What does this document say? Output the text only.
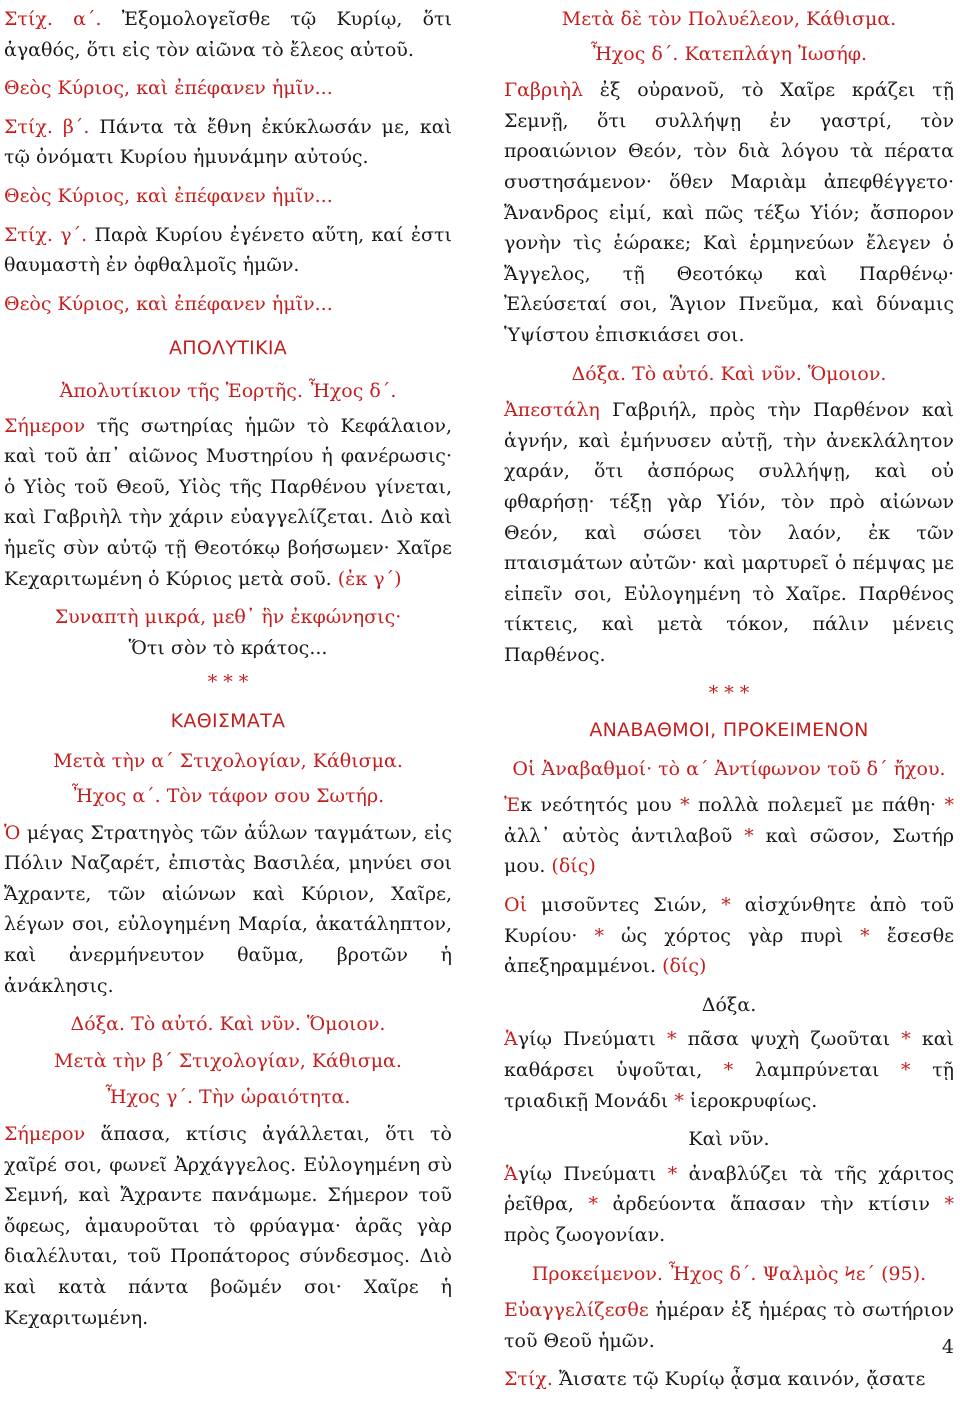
Στίχ. α΄. Ἐξομολογεῖσθε τῷ Κυρίῳ, ὅτι ἀγαθός, ὅτι εἰς τὸν αἰῶνα τὸ ἔλεος αὐτοῦ.

Θεὸς Κύριος, καὶ ἐπέφανεν ἡμῖν...

Στίχ. β΄. Πάντα τὰ ἔθνη ἐκύκλωσάν με, καὶ τῷ ὀνόματι Κυρίου ἠμυνάμην αὐτούς.

Θεὸς Κύριος, καὶ ἐπέφανεν ἡμῖν...

Στίχ. γ΄. Παρὰ Κυρίου ἐγένετο αὕτη, καί ἐστι θαυμαστὴ ἐν ὀφθαλμοῖς ἡμῶν.

Θεὸς Κύριος, καὶ ἐπέφανεν ἡμῖν...

ΑΠΟΛΥΤΙΚΙΑ

Ἀπολυτίκιον τῆς Ἑορτῆς. Ἦχος δ΄.

Σήμερον τῆς σωτηρίας ἡμῶν τὸ Κεφάλαιον, καὶ τοῦ ἀπ᾽ αἰῶνος Μυστηρίου ἡ φανέρωσις· ὁ Υἱὸς τοῦ Θεοῦ, Υἱὸς τῆς Παρθένου γίνεται, καὶ Γαβριὴλ τὴν χάριν εὐαγγελίζεται. Διὸ καὶ ἡμεῖς σὺν αὐτῷ τῇ Θεοτόκῳ βοήσωμεν· Χαῖρε Κεχαριτωμένη ὁ Κύριος μετὰ σοῦ. (ἐκ γ΄)

Συναπτὴ μικρά, μεθ᾽ ἣν ἐκφώνησις·

Ὅτι σὸν τὸ κράτος...

* * *

ΚΑΘΙΣΜΑΤΑ

Μετὰ τὴν α΄ Στιχολογίαν, Κάθισμα.

Ἦχος α΄. Τὸν τάφον σου Σωτήρ.

Ὁ μέγας Στρατηγὸς τῶν ἀΰλων ταγμάτων, εἰς Πόλιν Ναζαρέτ, ἐπιστὰς Βασιλέα, μηνύει σοι Ἄχραντε, τῶν αἰώνων καὶ Κύριον, Χαῖρε, λέγων σοι, εὐλογημένη Μαρία, ἀκατάληπτον, καὶ ἀνερμήνευτον θαῦμα, βροτῶν ἡ ἀνάκλησις.

Δόξα. Τὸ αὐτό. Καὶ νῦν. Ὅμοιον.

Μετὰ τὴν β΄ Στιχολογίαν, Κάθισμα.

Ἦχος γ΄. Τὴν ὡραιότητα.

Σήμερον ἅπασα, κτίσις ἀγάλλεται, ὅτι τὸ χαῖρέ σοι, φωνεῖ Ἀρχάγγελος. Εὐλογημένη σὺ Σεμνή, καὶ Ἄχραντε πανάμωμε. Σήμερον τοῦ ὄφεως, ἀμαυροῦται τὸ φρύαγμα· ἀρᾶς γὰρ διαλέλυται, τοῦ Προπάτορος σύνδεσμος. Διὸ καὶ κατὰ πάντα βοῶμέν σοι· Χαῖρε ἡ Κεχαριτωμένη.

Μετὰ δὲ τὸν Πολυέλεον, Κάθισμα.

Ἦχος δ΄. Κατεπλάγη Ἰωσήφ.

Γαβριὴλ ἐξ οὐρανοῦ, τὸ Χαῖρε κράζει τῇ Σεμνῇ, ὅτι συλλήψῃ ἐν γαστρί, τὸν προαιώνιον Θεόν, τὸν διὰ λόγου τὰ πέρατα συστησάμενον· ὅθεν Μαριὰμ ἀπεφθέγγετο· Ἄνανδρος εἰμί, καὶ πῶς τέξω Υἱόν; ἄσπορον γονὴν τὶς ἑώρακε; Καὶ ἑρμηνεύων ἔλεγεν ὁ Ἄγγελος, τῇ Θεοτόκῳ καὶ Παρθένῳ· Ἐλεύσεταί σοι, Ἅγιον Πνεῦμα, καὶ δύναμις Ὑψίστου ἐπισκιάσει σοι.

Δόξα. Τὸ αὐτό. Καὶ νῦν. Ὅμοιον.

Ἀπεστάλη Γαβριήλ, πρὸς τὴν Παρθένον καὶ ἁγνήν, καὶ ἐμήνυσεν αὐτῇ, τὴν ἀνεκλάλητον χαράν, ὅτι ἀσπόρως συλλήψῃ, καὶ οὐ φθαρήσῃ· τέξῃ γὰρ Υἱόν, τὸν πρὸ αἰώνων Θεόν, καὶ σώσει τὸν λαόν, ἐκ τῶν πταισμάτων αὐτῶν· καὶ μαρτυρεῖ ὁ πέμψας με εἰπεῖν σοι, Εὐλογημένη τὸ Χαῖρε. Παρθένος τίκτεις, καὶ μετὰ τόκον, πάλιν μένεις Παρθένος.

* * *

ΑΝΑΒΑΘΜΟΙ, ΠΡΟΚΕΙΜΕΝΟΝ

Οἱ Ἀναβαθμοί· τὸ α΄ Ἀντίφωνον τοῦ δ΄ ἤχου.

Ἐκ νεότητός μου * πολλὰ πολεμεῖ με πάθη· * ἀλλ᾽ αὐτὸς ἀντιλαβοῦ * καὶ σῶσον, Σωτήρ μου. (δίς)

Οἱ μισοῦντες Σιών, * αἰσχύνθητε ἀπὸ τοῦ Κυρίου· * ὡς χόρτος γὰρ πυρὶ * ἔσεσθε ἀπεξηραμμένοι. (δίς)

Δόξα.

Ἁγίῳ Πνεύματι * πᾶσα ψυχὴ ζωοῦται * καὶ καθάρσει ὑψοῦται, * λαμπρύνεται * τῇ τριαδικῇ Μονάδι * ἱεροκρυφίως.

Καὶ νῦν.

Ἁγίῳ Πνεύματι * ἀναβλύζει τὰ τῆς χάριτος ῥεῖθρα, * ἀρδεύοντα ἅπασαν τὴν κτίσιν * πρὸς ζωογονίαν.

Προκείμενον. Ἦχος δ΄. Ψαλμὸς Ϟε΄ (95).

Εὐαγγελίζεσθε ἡμέραν ἐξ ἡμέρας τὸ σωτήριον τοῦ Θεοῦ ἡμῶν.

Στίχ. Ἄισατε τῷ Κυρίῳ ᾆσμα καινόν, ᾄσατε

4
